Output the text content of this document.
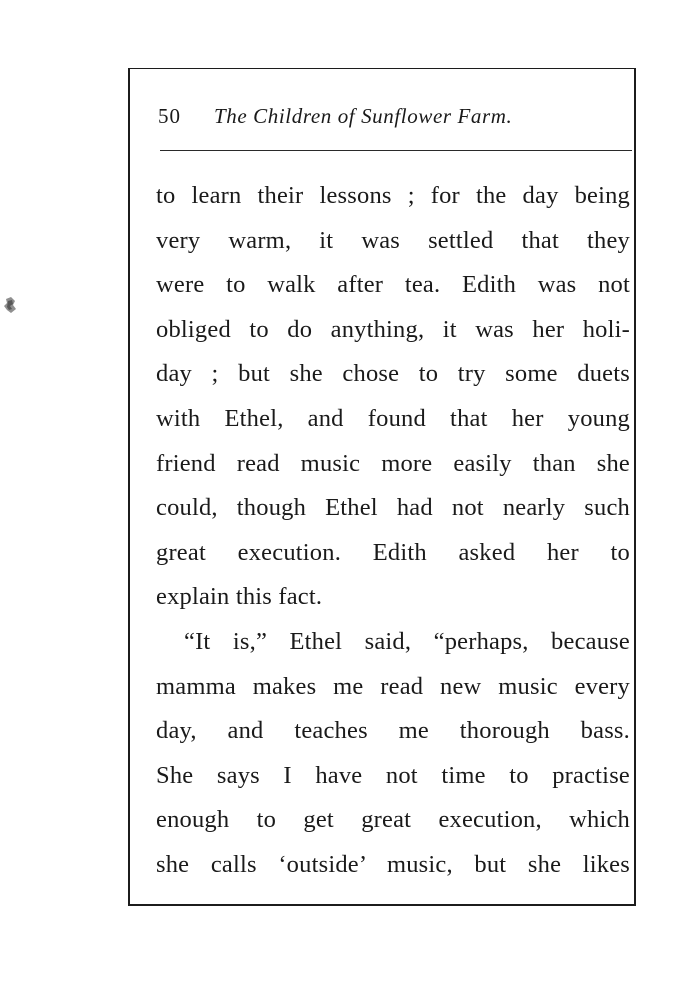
50 The Children of Sunflower Farm.
to learn their lessons ; for the day being
very warm, it was settled that they
were to walk after tea. Edith was not
obliged to do anything, it was her holi-
day ; but she chose to try some duets
with Ethel, and found that her young
friend read music more easily than she
could, though Ethel had not nearly such
great execution. Edith asked her to
explain this fact.
“It is,” Ethel said, “perhaps, because
mamma makes me read new music every
day, and teaches me thorough bass.
She says I have not time to practise
enough to get great execution, which
she calls ‘outside’ music, but she likes
